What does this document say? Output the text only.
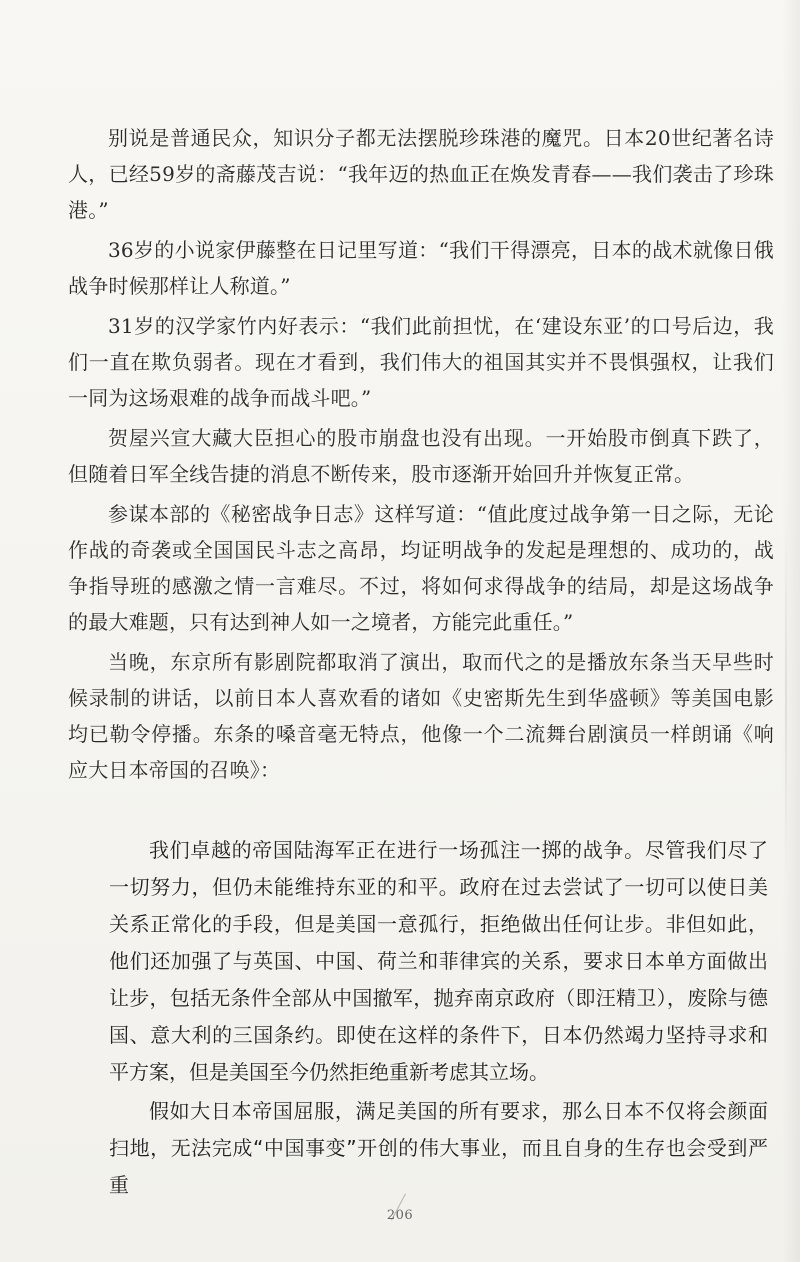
别说是普通民众，知识分子都无法摆脱珍珠港的魔咒。日本20世纪著名诗人，已经59岁的斋藤茂吉说：“我年迈的热血正在焕发青春——我们袭击了珍珠港。”

36岁的小说家伊藤整在日记里写道：“我们干得漂亮，日本的战术就像日俄战争时候那样让人称道。”

31岁的汉学家竹内好表示：“我们此前担忧，在‘建设东亚’的口号后边，我们一直在欺负弱者。现在才看到，我们伟大的祖国其实并不畏惧强权，让我们一同为这场艰难的战争而战斗吧。”

贺屋兴宣大藏大臣担心的股市崩盘也没有出现。一开始股市倒真下跌了，但随着日军全线告捷的消息不断传来，股市逐渐开始回升并恢复正常。

参谋本部的《秘密战争日志》这样写道：“值此度过战争第一日之际，无论作战的奇袭或全国国民斗志之高昂，均证明战争的发起是理想的、成功的，战争指导班的感激之情一言难尽。不过，将如何求得战争的结局，却是这场战争的最大难题，只有达到神人如一之境者，方能完此重任。”

当晚，东京所有影剧院都取消了演出，取而代之的是播放东条当天早些时候录制的讲话，以前日本人喜欢看的诸如《史密斯先生到华盛顿》等美国电影均已勒令停播。东条的嗓音毫无特点，他像一个二流舞台剧演员一样朗诵《响应大日本帝国的召唤》：

我们卓越的帝国陆海军正在进行一场孤注一掷的战争。尽管我们尽了一切努力，但仍未能维持东亚的和平。政府在过去尝试了一切可以使日美关系正常化的手段，但是美国一意孤行，拒绝做出任何让步。非但如此，他们还加强了与英国、中国、荷兰和菲律宾的关系，要求日本单方面做出让步，包括无条件全部从中国撤军，抛弃南京政府（即汪精卫），废除与德国、意大利的三国条约。即使在这样的条件下，日本仍然竭力坚持寻求和平方案，但是美国至今仍然拒绝重新考虑其立场。

假如大日本帝国屈服，满足美国的所有要求，那么日本不仅将会颜面扫地，无法完成“中国事变”开创的伟大事业，而且自身的生存也会受到严重

206
